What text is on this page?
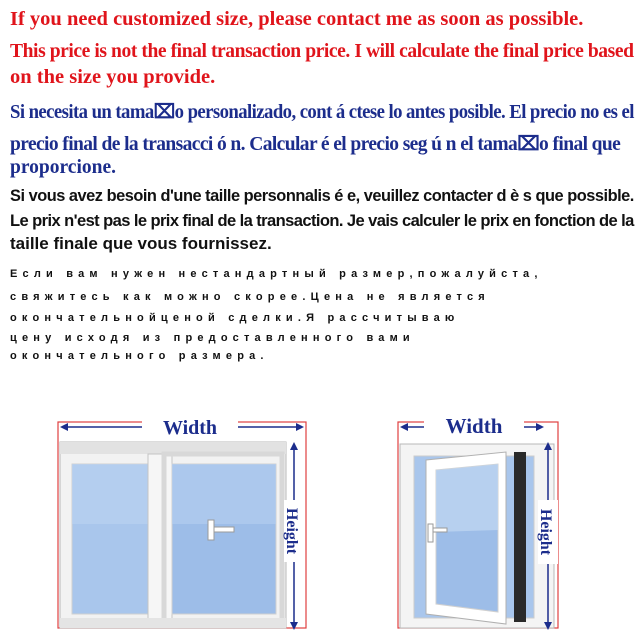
If you need customized size, please contact me as soon as possible.
This price is not the final transaction price. I will calculate the final price based
on the size you provide.
Si necesita un tama⌧o personalizado, cont á ctese lo antes posible. El precio no es el
precio final de la transacci ó n. Calcular é el precio seg ú n el tama⌧o final que
proporcione.
Si vous avez besoin d'une taille personnalis é e, veuillez contacter d è s que possible.
Le prix n'est pas le prix final de la transaction. Je vais calculer le prix en fonction de la
taille finale que vous fournissez.
Если вам нужен нестандартный размер,пожалуйста,
свяжитесь как можно скорее.Цена не является
окончательнойценой сделки.Я рассчитываю
цену исходя из предоставленного вами
окончательного размера.
Width
Height
Width
Height
